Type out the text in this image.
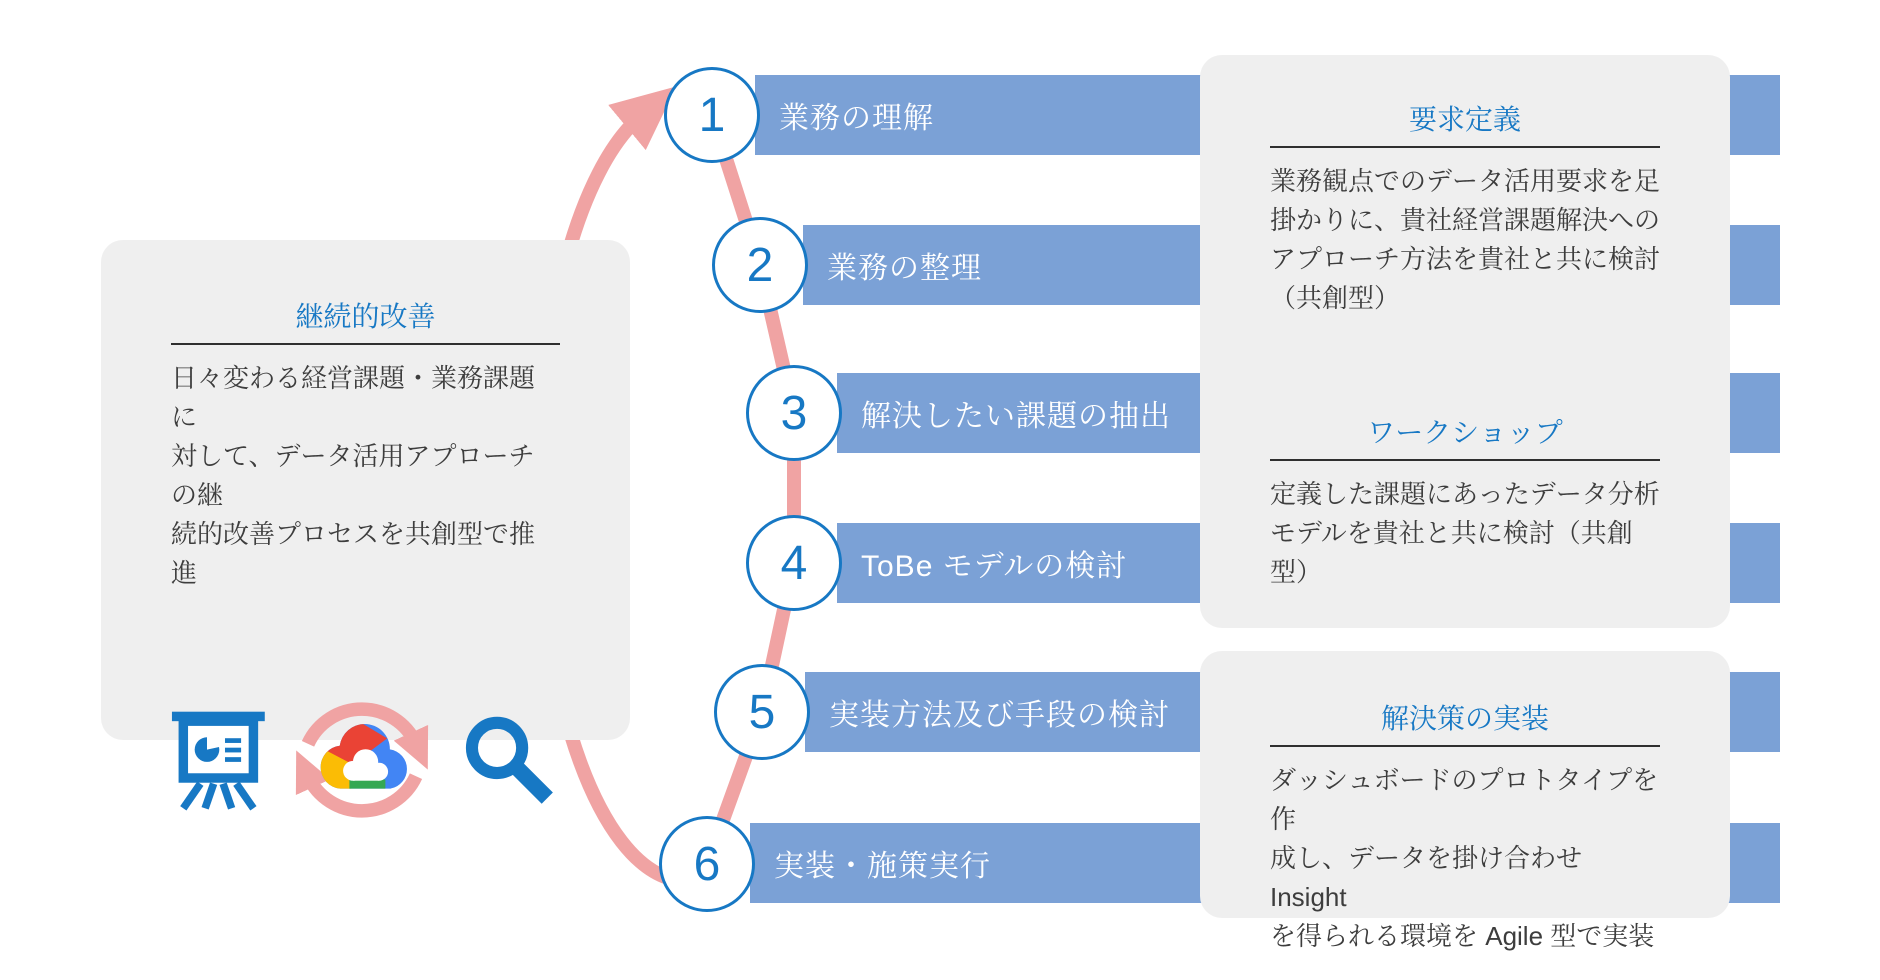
業務の理解
業務の整理
解決したい課題の抽出
ToBe モデルの検討
実装方法及び手段の検討
実装・施策実行
1
2
3
4
5
6
継続的改善
日々変わる経営課題・業務課題に
対して、データ活用アプローチの継
続的改善プロセスを共創型で推進
要求定義
業務観点でのデータ活用要求を足
掛かりに、貴社経営課題解決への
アプローチ方法を貴社と共に検討
（共創型）
ワークショップ
定義した課題にあったデータ分析
モデルを貴社と共に検討（共創型）
解決策の実装
ダッシュボードのプロトタイプを作
成し、データを掛け合わせ Insight
を得られる環境を Agile 型で実装
